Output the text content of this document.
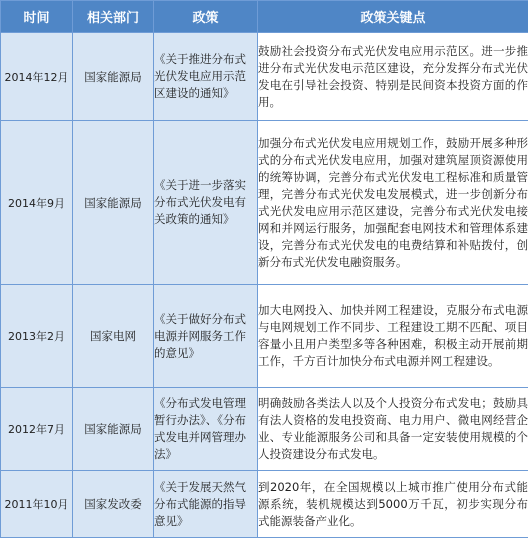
时间	相关部门	政策	政策关键点
2014年12月	国家能源局	《关于推进分布式光伏发电应用示范区建设的通知》	鼓励社会投资分布式光伏发电应用示范区。进一步推进分布式光伏发电示范区建设，充分发挥分布式光伏发电在引导社会投资、特别是民间资本投资方面的作用。
2014年9月	国家能源局	《关于进一步落实分布式光伏发电有关政策的通知》	加强分布式光伏发电应用规划工作，鼓励开展多种形式的分布式光伏发电应用，加强对建筑屋顶资源使用的统筹协调，完善分布式光伏发电工程标准和质量管理，完善分布式光伏发电发展模式，进一步创新分布式光伏发电应用示范区建设，完善分布式光伏发电接网和并网运行服务，加强配套电网技术和管理体系建设，完善分布式光伏发电的电费结算和补贴拨付，创新分布式光伏发电融资服务。
2013年2月	国家电网	《关于做好分布式电源并网服务工作的意见》	加大电网投入、加快并网工程建设，克服分布式电源与电网规划工作不同步、工程建设工期不匹配、项目容量小且用户类型多等各种困难，积极主动开展前期工作，千方百计加快分布式电源并网工程建设。
2012年7月	国家能源局	《分布式发电管理暂行办法》、《分布式发电并网管理办法》	明确鼓励各类法人以及个人投资分布式发电；鼓励具有法人资格的发电投资商、电力用户、微电网经营企业、专业能源服务公司和具备一定安装使用规模的个人投资建设分布式发电。
2011年10月	国家发改委	《关于发展天然气分布式能源的指导意见》	到2020年，在全国规模以上城市推广使用分布式能源系统，装机规模达到5000万千瓦，初步实现分布式能源装备产业化。
